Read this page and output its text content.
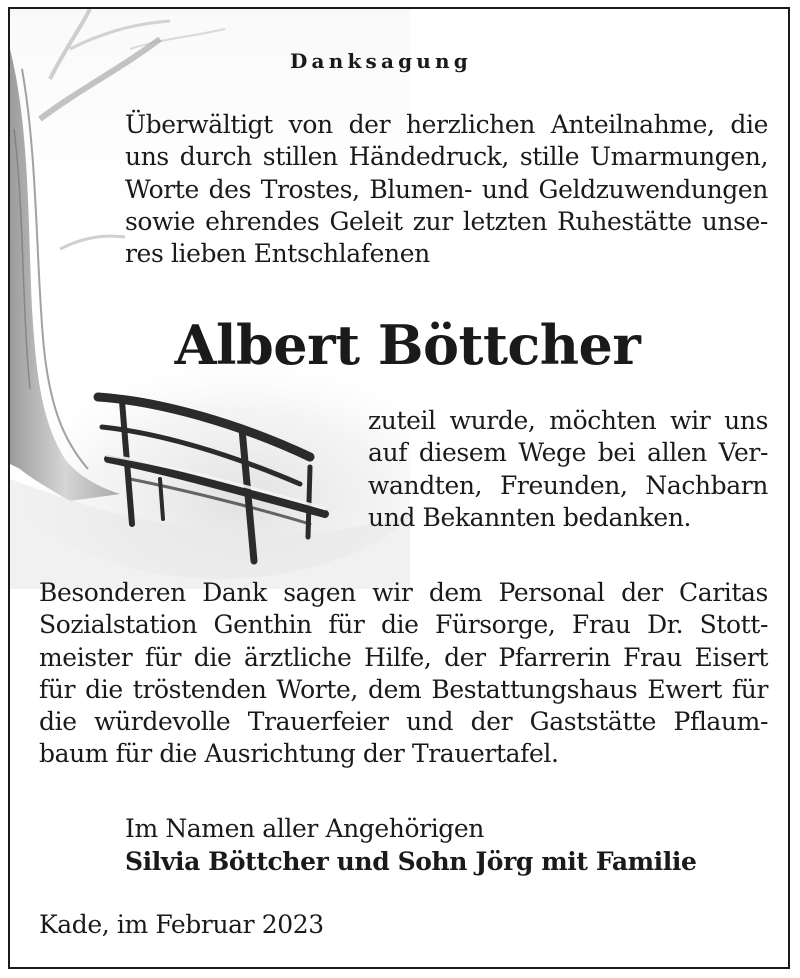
Danksagung
Überwältigt von der herzlichen Anteilnahme, die
uns durch stillen Händedruck, stille Umarmungen,
Worte des Trostes, Blumen- und Geldzuwendungen
sowie ehrendes Geleit zur letzten Ruhestätte unse-
res lieben Entschlafenen
Albert Böttcher
zuteil wurde, möchten wir uns
auf diesem Wege bei allen Ver-
wandten, Freunden, Nachbarn
und Bekannten bedanken.
Besonderen Dank sagen wir dem Personal der Caritas
Sozialstation Genthin für die Fürsorge, Frau Dr. Stott-
meister für die ärztliche Hilfe, der Pfarrerin Frau Eisert
für die tröstenden Worte, dem Bestattungshaus Ewert für
die würdevolle Trauerfeier und der Gaststätte Pflaum-
baum für die Ausrichtung der Trauertafel.
Im Namen aller Angehörigen
Silvia Böttcher und Sohn Jörg mit Familie
Kade, im Februar 2023
